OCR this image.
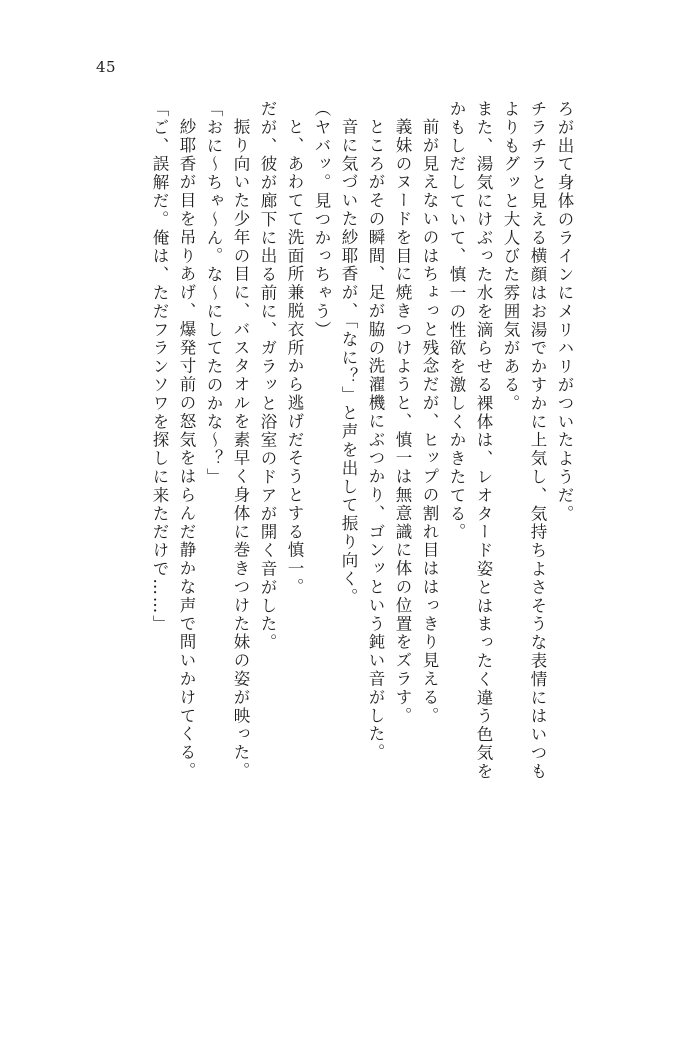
45
ろが出て身体のラインにメリハリがついたようだ。
チラチラと見える横顔はお湯でかすかに上気し、気持ちよさそうな表情にはいつも
よりもグッと大人びた雰囲気がある。
また、湯気にけぶった水を滴らせる裸体は、レオタード姿とはまったく違う色気を
かもしだしていて、慎一の性欲を激しくかきたてる。
前が見えないのはちょっと残念だが、ヒップの割れ目ははっきり見える。
義妹のヌードを目に焼きつけようと、慎一は無意識に体の位置をズラす。
ところがその瞬間、足が脇の洗濯機にぶつかり、ゴンッという鈍い音がした。
音に気づいた紗耶香が、「なに？」と声を出して振り向く。
（ヤバッ。見つかっちゃう）
と、あわてて洗面所兼脱衣所から逃げだそうとする慎一。
だが、彼が廊下に出る前に、ガラッと浴室のドアが開く音がした。
振り向いた少年の目に、バスタオルを素早く身体に巻きつけた妹の姿が映った。
「おに～ちゃ～ん。な～にしてたのかな～？」
紗耶香が目を吊りあげ、爆発寸前の怒気をはらんだ静かな声で問いかけてくる。
「ご、誤解だ。俺は、ただフランソワを探しに来ただけで……」
